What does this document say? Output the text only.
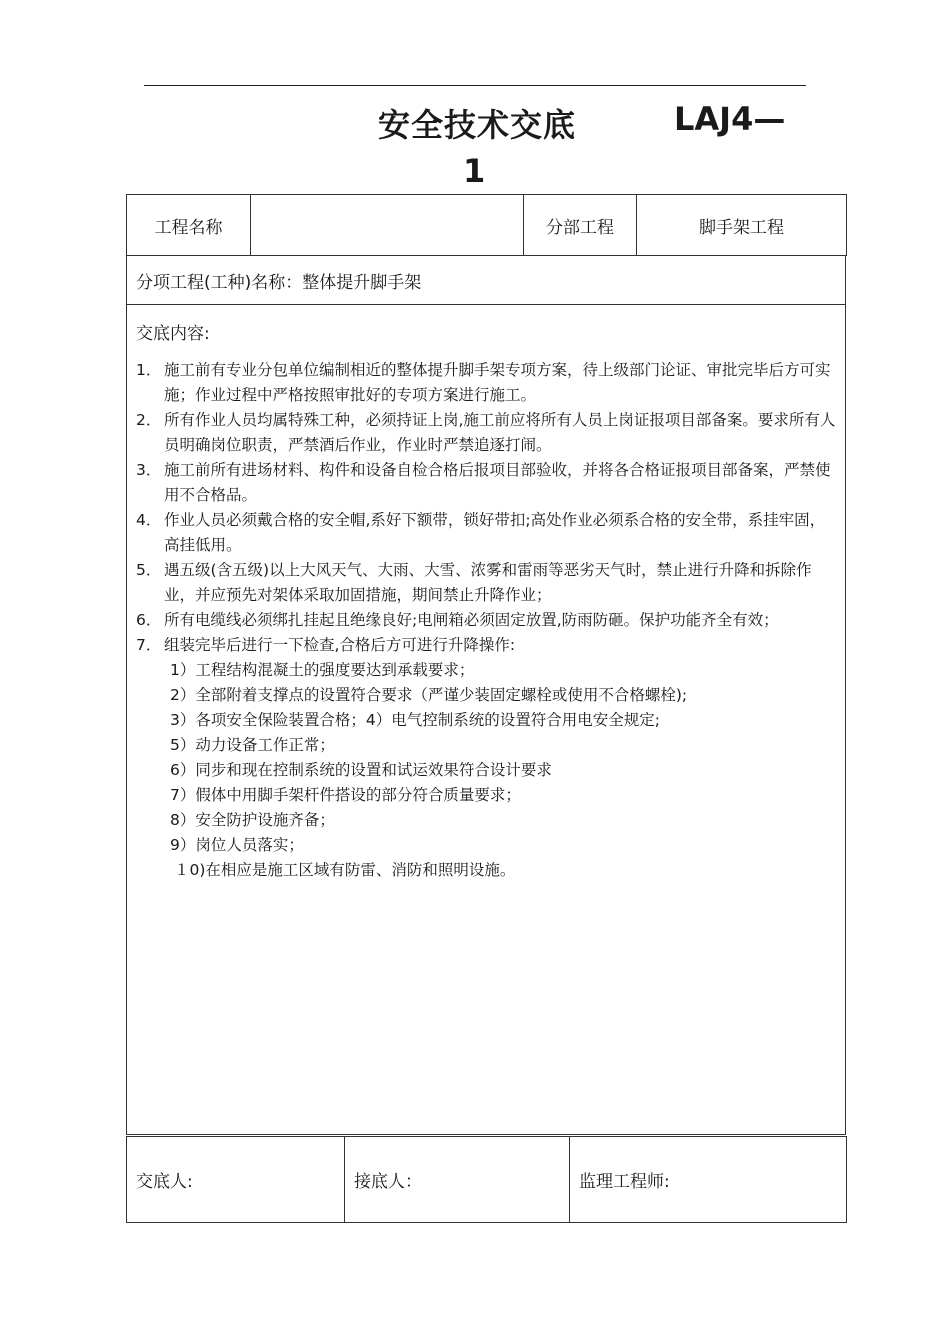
安全技术交底	LAJ4—
1
工程名称		分部工程	脚手架工程
分项工程(工种)名称：整体提升脚手架

交底内容:
1． 施工前有专业分包单位编制相近的整体提升脚手架专项方案，待上级部门论证、审批完毕后方可实施；作业过程中严格按照审批好的专项方案进行施工。
2． 所有作业人员均属特殊工种，必须持证上岗,施工前应将所有人员上岗证报项目部备案。要求所有人员明确岗位职责，严禁酒后作业，作业时严禁追逐打闹。
3． 施工前所有进场材料、构件和设备自检合格后报项目部验收，并将各合格证报项目部备案，严禁使用不合格品。
4． 作业人员必须戴合格的安全帽,系好下额带，锁好带扣;高处作业必须系合格的安全带，系挂牢固，高挂低用。
5． 遇五级(含五级)以上大风天气、大雨、大雪、浓雾和雷雨等恶劣天气时，禁止进行升降和拆除作业，并应预先对架体采取加固措施，期间禁止升降作业；
6． 所有电缆线必须绑扎挂起且绝缘良好;电闸箱必须固定放置,防雨防砸。保护功能齐全有效；
7． 组装完毕后进行一下检查,合格后方可进行升降操作:
1）工程结构混凝土的强度要达到承载要求；
2）全部附着支撑点的设置符合要求（严谨少装固定螺栓或使用不合格螺栓);
3）各项安全保险装置合格；4）电气控制系统的设置符合用电安全规定;
5）动力设备工作正常；
6）同步和现在控制系统的设置和试运效果符合设计要求
7）假体中用脚手架杆件搭设的部分符合质量要求；
8）安全防护设施齐备；
9）岗位人员落实；
１0)在相应是施工区域有防雷、消防和照明设施。
交底人:	接底人：	监理工程师:
